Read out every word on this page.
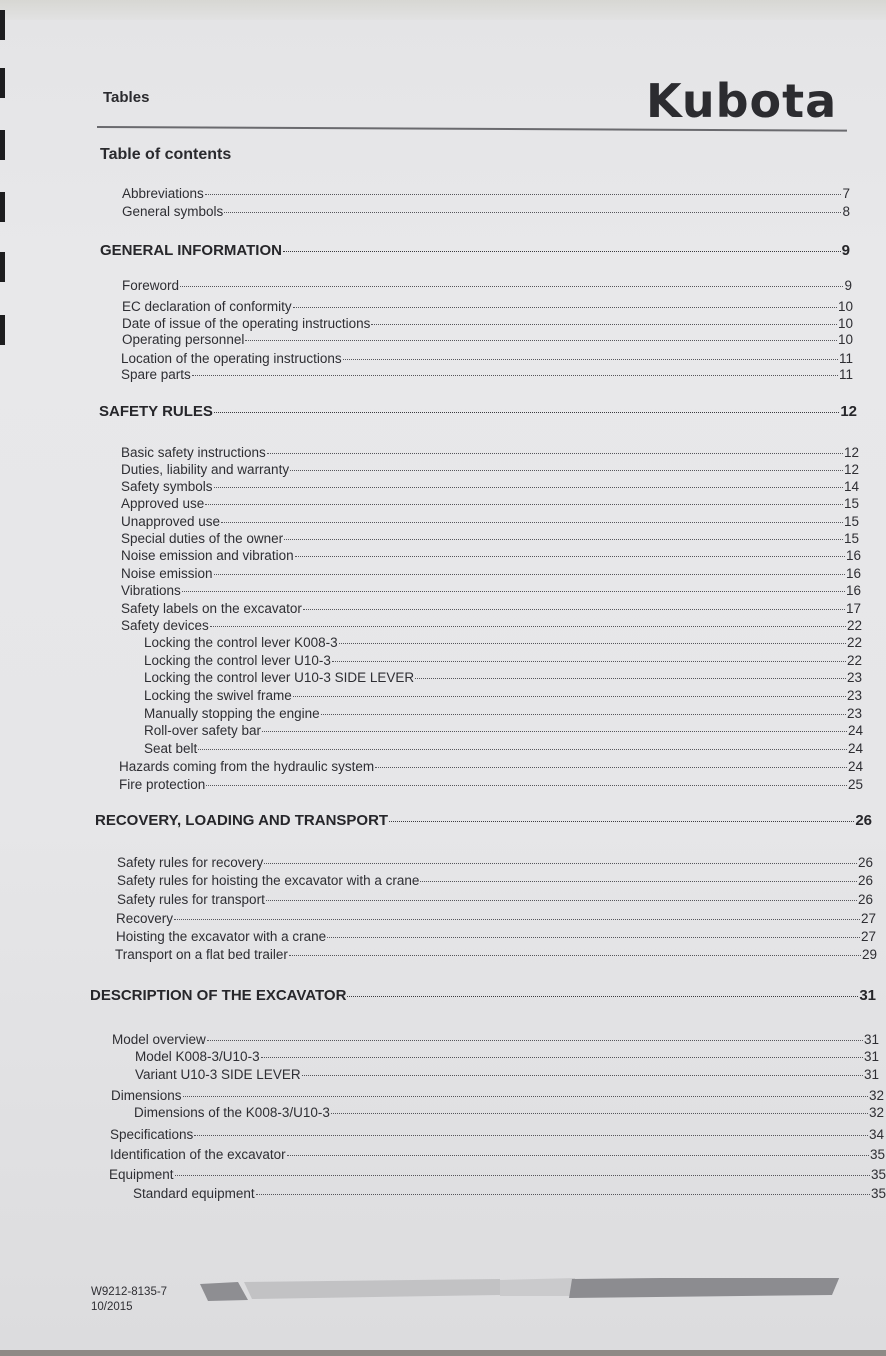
Tables	Kubota
Table of contents
Abbreviations	7
General symbols	8
GENERAL INFORMATION	9
Foreword	9
EC declaration of conformity	10
Date of issue of the operating instructions	10
Operating personnel	10
Location of the operating instructions	11
Spare parts	11
SAFETY RULES	12
Basic safety instructions	12
Duties, liability and warranty	12
Safety symbols	14
Approved use	15
Unapproved use	15
Special duties of the owner	15
Noise emission and vibration	16
Noise emission	16
Vibrations	16
Safety labels on the excavator	17
Safety devices	22
Locking the control lever K008-3	22
Locking the control lever U10-3	22
Locking the control lever U10-3 SIDE LEVER	23
Locking the swivel frame	23
Manually stopping the engine	23
Roll-over safety bar	24
Seat belt	24
Hazards coming from the hydraulic system	24
Fire protection	25
RECOVERY, LOADING AND TRANSPORT	26
Safety rules for recovery	26
Safety rules for hoisting the excavator with a crane	26
Safety rules for transport	26
Recovery	27
Hoisting the excavator with a crane	27
Transport on a flat bed trailer	29
DESCRIPTION OF THE EXCAVATOR	31
Model overview	31
Model K008-3/U10-3	31
Variant U10-3 SIDE LEVER	31
Dimensions	32
Dimensions of the K008-3/U10-3	32
Specifications	34
Identification of the excavator	35
Equipment	35
Standard equipment	35
W9212-8135-7
10/2015
